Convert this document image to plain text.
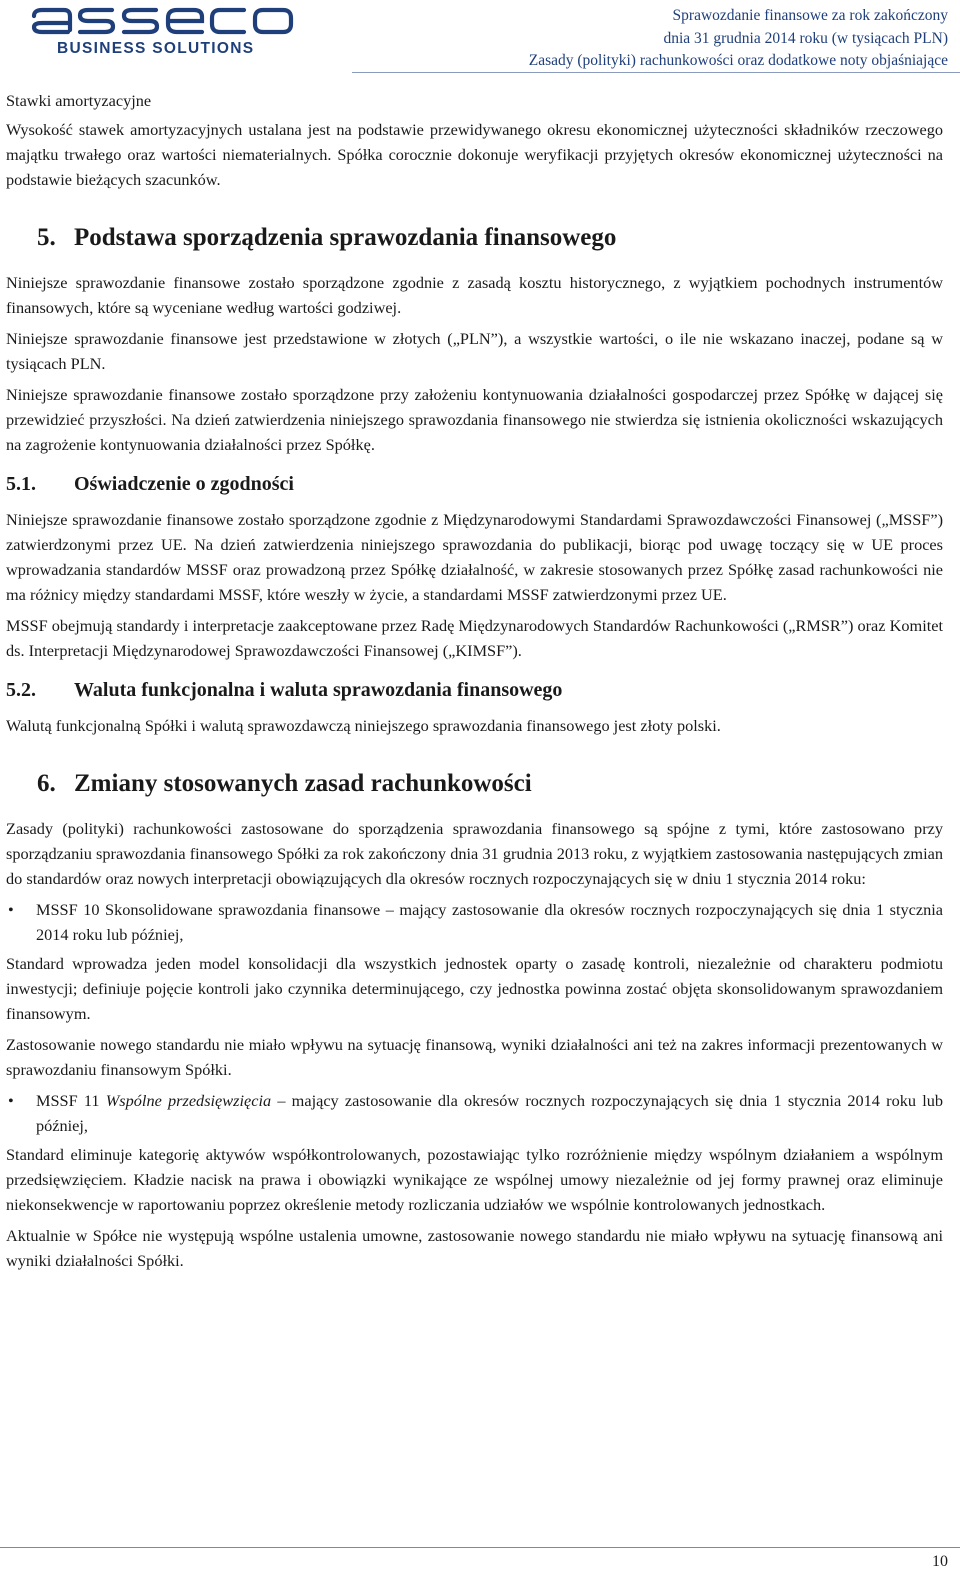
BUSINESS SOLUTIONS
Sprawozdanie finansowe za rok zakończony
dnia 31 grudnia 2014 roku (w tysiącach PLN)
Zasady (polityki) rachunkowości oraz dodatkowe noty objaśniające

Stawki amortyzacyjne

Wysokość stawek amortyzacyjnych ustalana jest na podstawie przewidywanego okresu ekonomicznej użyteczności składników rzeczowego majątku trwałego oraz wartości niematerialnych. Spółka corocznie dokonuje weryfikacji przyjętych okresów ekonomicznej użyteczności na podstawie bieżących szacunków.

5. Podstawa sporządzenia sprawozdania finansowego

Niniejsze sprawozdanie finansowe zostało sporządzone zgodnie z zasadą kosztu historycznego, z wyjątkiem pochodnych instrumentów finansowych, które są wyceniane według wartości godziwej.

Niniejsze sprawozdanie finansowe jest przedstawione w złotych („PLN”), a wszystkie wartości, o ile nie wskazano inaczej, podane są w tysiącach PLN.

Niniejsze sprawozdanie finansowe zostało sporządzone przy założeniu kontynuowania działalności gospodarczej przez Spółkę w dającej się przewidzieć przyszłości. Na dzień zatwierdzenia niniejszego sprawozdania finansowego nie stwierdza się istnienia okoliczności wskazujących na zagrożenie kontynuowania działalności przez Spółkę.

5.1.	Oświadczenie o zgodności

Niniejsze sprawozdanie finansowe zostało sporządzone zgodnie z Międzynarodowymi Standardami Sprawozdawczości Finansowej („MSSF”) zatwierdzonymi przez UE. Na dzień zatwierdzenia niniejszego sprawozdania do publikacji, biorąc pod uwagę toczący się w UE proces wprowadzania standardów MSSF oraz prowadzoną przez Spółkę działalność, w zakresie stosowanych przez Spółkę zasad rachunkowości nie ma różnicy między standardami MSSF, które weszły w życie, a standardami MSSF zatwierdzonymi przez UE.

MSSF obejmują standardy i interpretacje zaakceptowane przez Radę Międzynarodowych Standardów Rachunkowości („RMSR”) oraz Komitet ds. Interpretacji Międzynarodowej Sprawozdawczości Finansowej („KIMSF”).

5.2.	Waluta funkcjonalna i waluta sprawozdania finansowego

Walutą funkcjonalną Spółki i walutą sprawozdawczą niniejszego sprawozdania finansowego jest złoty polski.

6. Zmiany stosowanych zasad rachunkowości

Zasady (polityki) rachunkowości zastosowane do sporządzenia sprawozdania finansowego są spójne z tymi, które zastosowano przy sporządzaniu sprawozdania finansowego Spółki za rok zakończony dnia 31 grudnia 2013 roku, z wyjątkiem zastosowania następujących zmian do standardów oraz nowych interpretacji obowiązujących dla okresów rocznych rozpoczynających się w dniu 1 stycznia 2014 roku:

•	MSSF 10 Skonsolidowane sprawozdania finansowe – mający zastosowanie dla okresów rocznych rozpoczynających się dnia 1 stycznia 2014 roku lub później,

Standard wprowadza jeden model konsolidacji dla wszystkich jednostek oparty o zasadę kontroli, niezależnie od charakteru podmiotu inwestycji; definiuje pojęcie kontroli jako czynnika determinującego, czy jednostka powinna zostać objęta skonsolidowanym sprawozdaniem finansowym.

Zastosowanie nowego standardu nie miało wpływu na sytuację finansową, wyniki działalności ani też na zakres informacji prezentowanych w sprawozdaniu finansowym Spółki.

•	MSSF 11 Wspólne przedsięwzięcia – mający zastosowanie dla okresów rocznych rozpoczynających się dnia 1 stycznia 2014 roku lub później,

Standard eliminuje kategorię aktywów współkontrolowanych, pozostawiając tylko rozróżnienie między wspólnym działaniem a wspólnym przedsięwzięciem. Kładzie nacisk na prawa i obowiązki wynikające ze wspólnej umowy niezależnie od jej formy prawnej oraz eliminuje niekonsekwencje w raportowaniu poprzez określenie metody rozliczania udziałów we wspólnie kontrolowanych jednostkach.

Aktualnie w Spółce nie występują wspólne ustalenia umowne, zastosowanie nowego standardu nie miało wpływu na sytuację finansową ani wyniki działalności Spółki.

10
